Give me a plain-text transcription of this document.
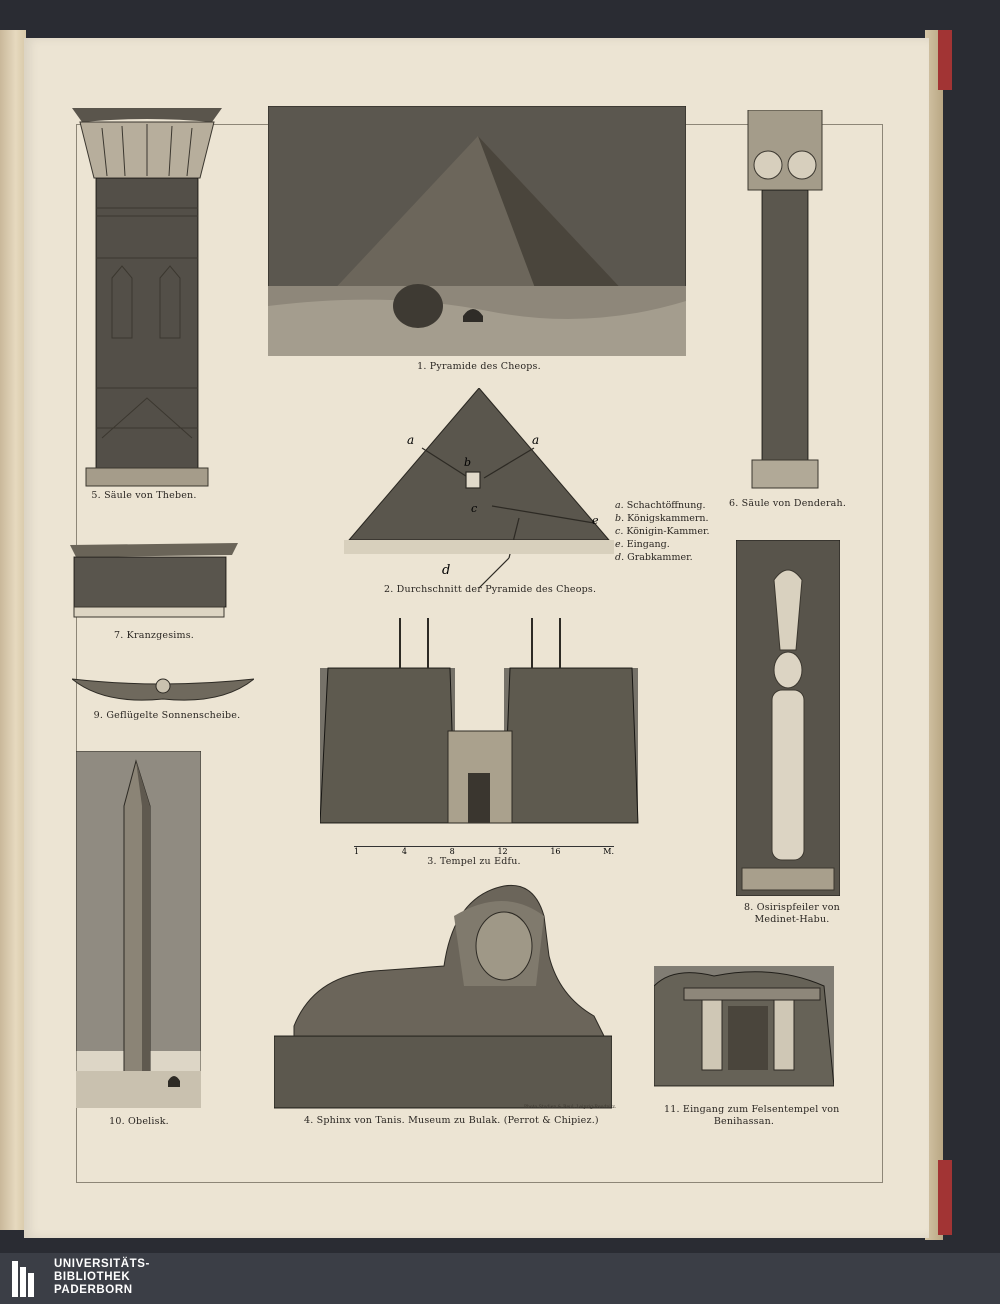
5. Säule von Theben.
1. Pyramide des Cheops.
6. Säule von Denderah.
a	a
b
c
e
d
a. Schachtöffnung.
b. Königskammern.
c. Königin-Kammer.
e. Eingang.
d. Grabkammer.
2. Durchschnitt der Pyramide des Cheops.
7. Kranzgesims.
9. Geflügelte Sonnenscheibe.
1	4	8	12	16	M.
3. Tempel zu Edfu.
8. Osirispfeiler von
Medinet-Habu.
10. Obelisk.
Photo Studien & Reul, Leipzig-Reudnitz.
4. Sphinx von Tanis. Museum zu Bulak. (Perrot & Chipiez.)
11. Eingang zum Felsentempel von
Benihassan.
UNIVERSITÄTS-
BIBLIOTHEK
PADERBORN
